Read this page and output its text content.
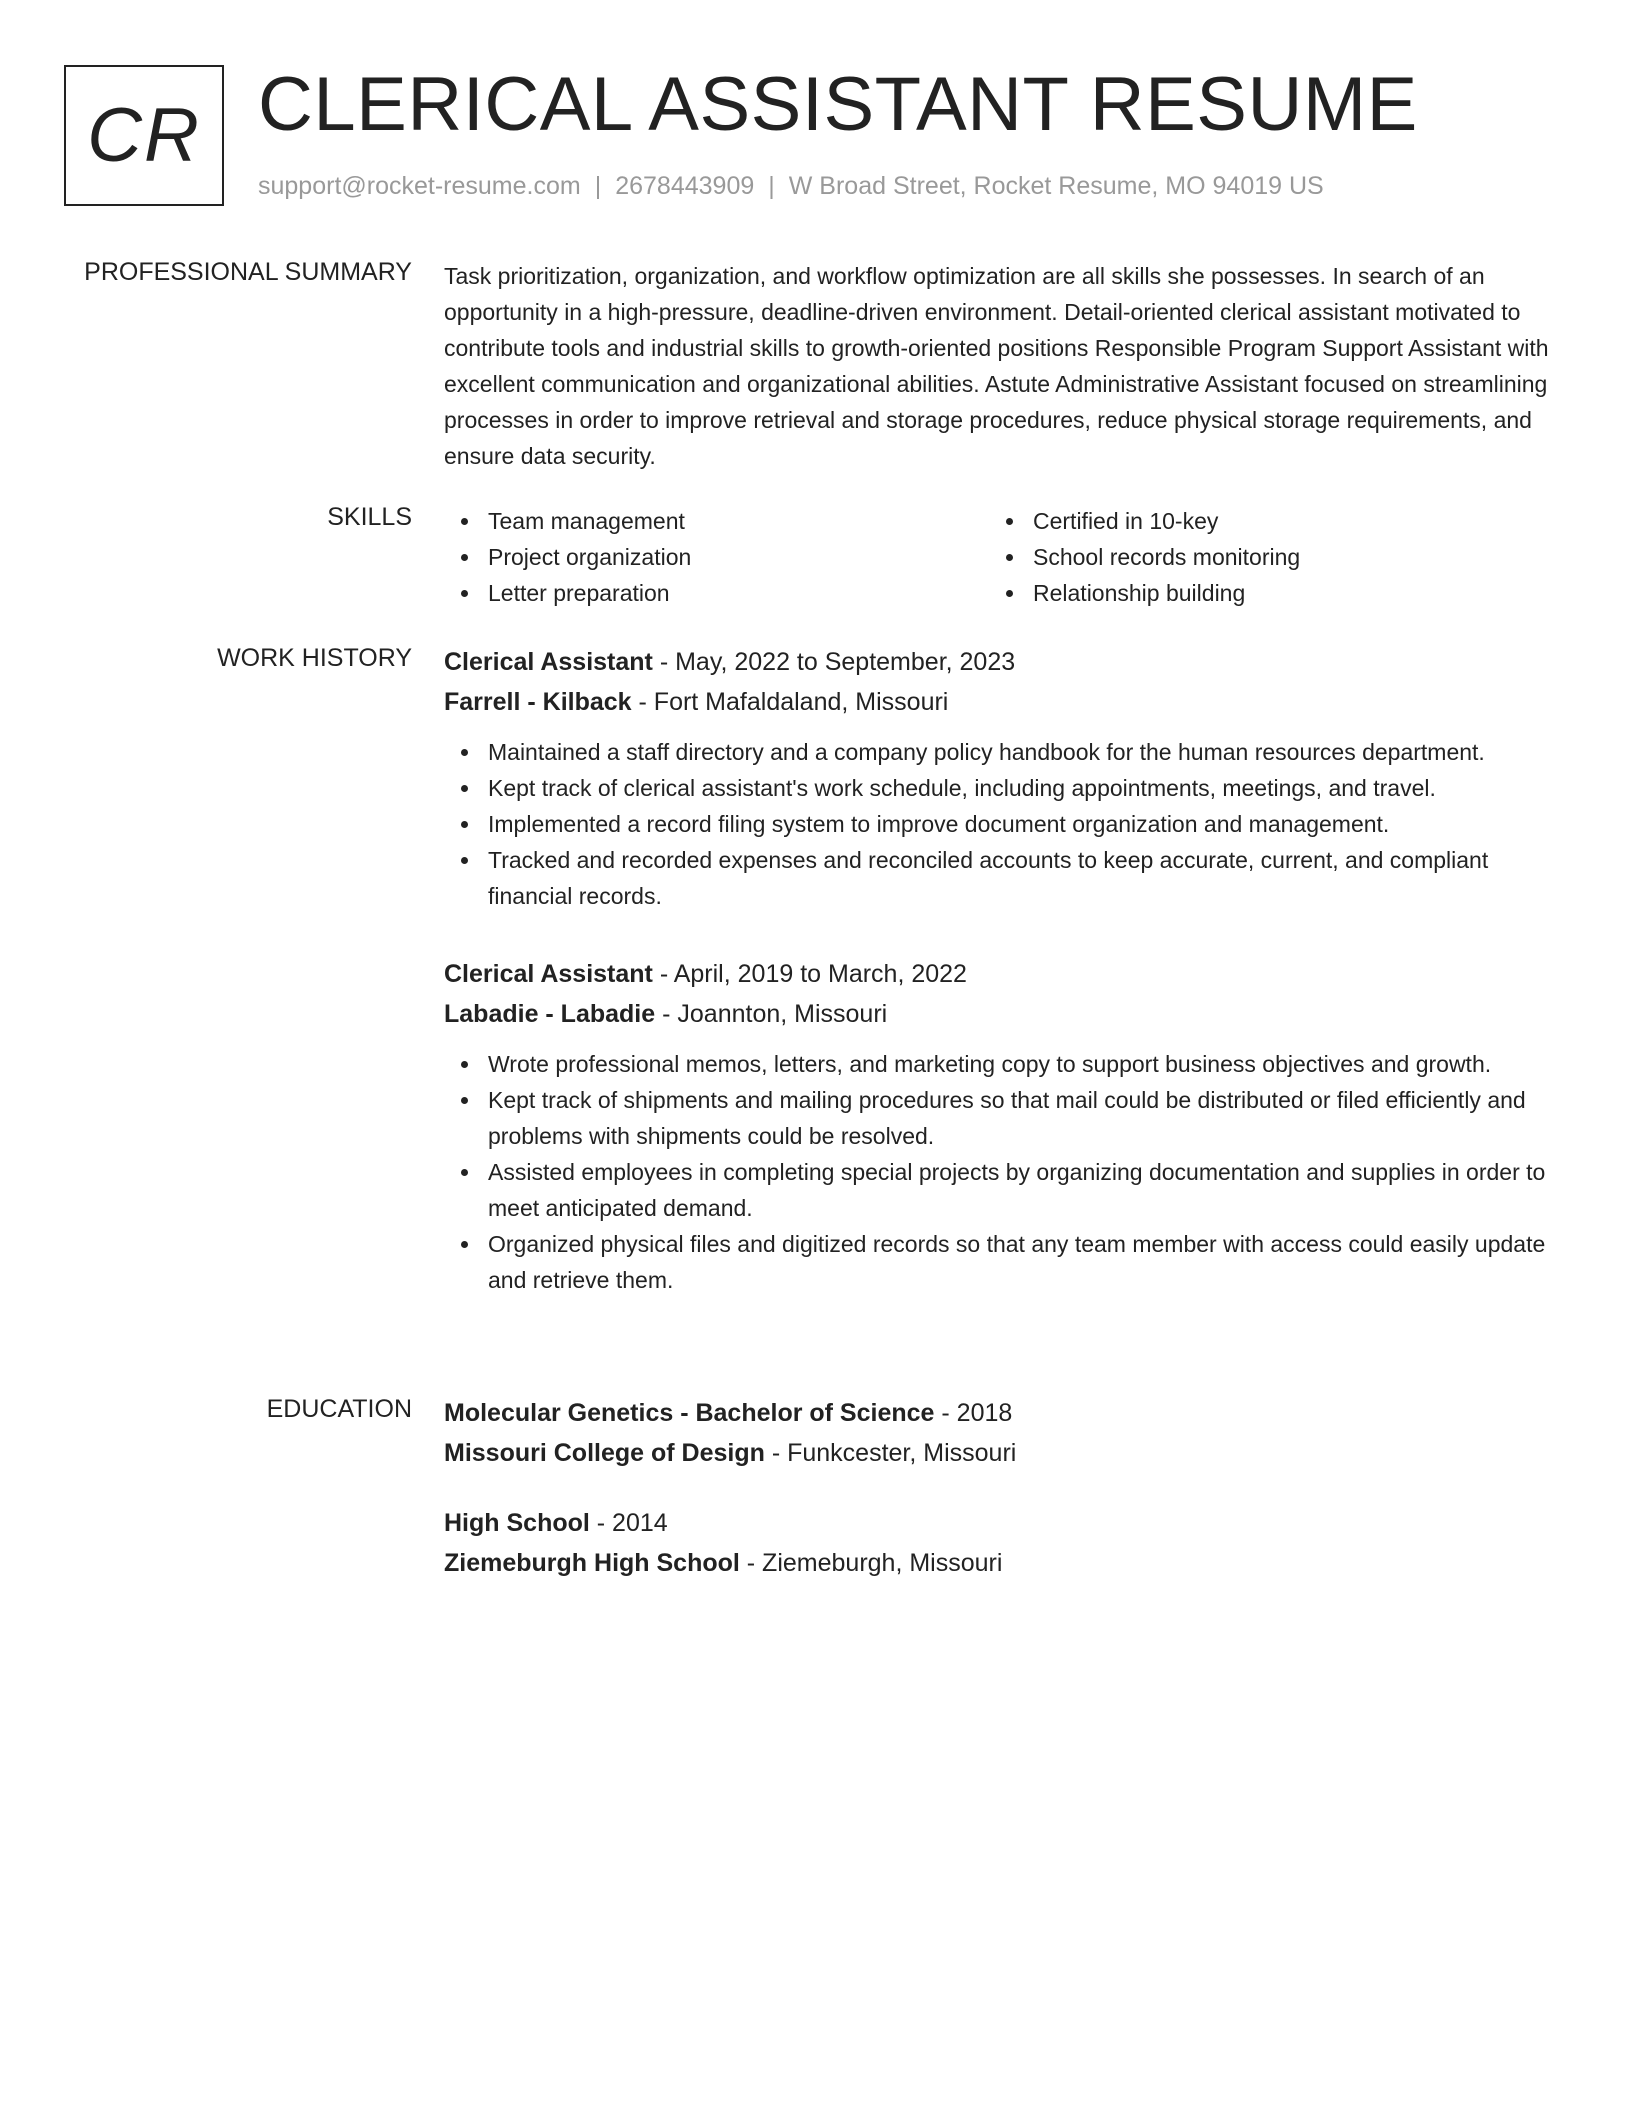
CR CLERICAL ASSISTANT RESUME
support@rocket-resume.com | 2678443909 | W Broad Street, Rocket Resume, MO 94019 US
PROFESSIONAL SUMMARY Task prioritization, organization, and workflow optimization are all skills she possesses. In search of an opportunity in a high-pressure, deadline-driven environment. Detail-oriented clerical assistant motivated to contribute tools and industrial skills to growth-oriented positions Responsible Program Support Assistant with excellent communication and organizational abilities. Astute Administrative Assistant focused on streamlining processes in order to improve retrieval and storage procedures, reduce physical storage requirements, and ensure data security.

SKILLS	Team management	Certified in 10-key
Project organization	School records monitoring
Letter preparation	Relationship building
WORK HISTORY Clerical Assistant - May, 2022 to September, 2023
Farrell - Kilback - Fort Mafaldaland, Missouri
Maintained a staff directory and a company policy handbook for the human resources department.
Kept track of clerical assistant's work schedule, including appointments, meetings, and travel.
Implemented a record filing system to improve document organization and management.
Tracked and recorded expenses and reconciled accounts to keep accurate, current, and compliant financial records.
Clerical Assistant - April, 2019 to March, 2022
Labadie - Labadie - Joannton, Missouri
Wrote professional memos, letters, and marketing copy to support business objectives and growth.
Kept track of shipments and mailing procedures so that mail could be distributed or filed efficiently and problems with shipments could be resolved.
Assisted employees in completing special projects by organizing documentation and supplies in order to meet anticipated demand.
Organized physical files and digitized records so that any team member with access could easily update and retrieve them.
EDUCATION Molecular Genetics - Bachelor of Science - 2018
Missouri College of Design - Funkcester, Missouri
High School - 2014
Ziemeburgh High School - Ziemeburgh, Missouri
